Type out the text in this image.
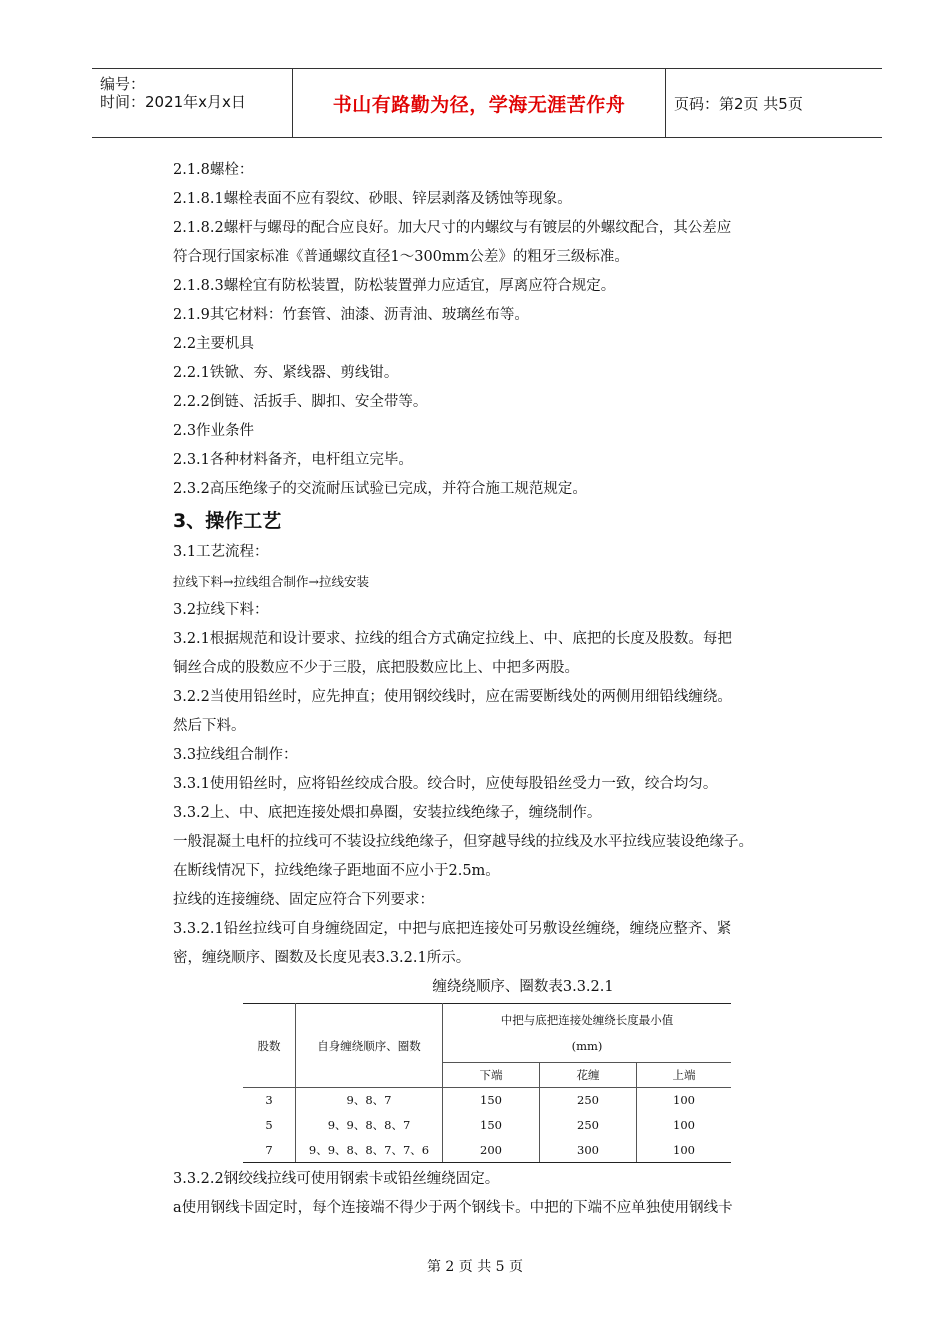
编号：
时间：2021年x月x日	书山有路勤为径，学海无涯苦作舟	页码：第2页 共5页
2.1.8螺栓：
2.1.8.1螺栓表面不应有裂纹、砂眼、锌层剥落及锈蚀等现象。
2.1.8.2螺杆与螺母的配合应良好。加大尺寸的内螺纹与有镀层的外螺纹配合，其公差应
符合现行国家标准《普通螺纹直径1～300mm公差》的粗牙三级标准。
2.1.8.3螺栓宜有防松装置，防松装置弹力应适宜，厚离应符合规定。
2.1.9其它材料：竹套管、油漆、沥青油、玻璃丝布等。
2.2主要机具
2.2.1铁锨、夯、紧线器、剪线钳。
2.2.2倒链、活扳手、脚扣、安全带等。
2.3作业条件
2.3.1各种材料备齐，电杆组立完毕。
2.3.2高压绝缘子的交流耐压试验已完成，并符合施工规范规定。
3、操作工艺
3.1工艺流程：
拉线下料→拉线组合制作→拉线安装
3.2拉线下料：
3.2.1根据规范和设计要求、拉线的组合方式确定拉线上、中、底把的长度及股数。每把
铜丝合成的股数应不少于三股，底把股数应比上、中把多两股。
3.2.2当使用铅丝时，应先抻直；使用钢绞线时，应在需要断线处的两侧用细铅线缠绕。
然后下料。
3.3拉线组合制作：
3.3.1使用铅丝时，应将铅丝绞成合股。绞合时，应使每股铅丝受力一致，绞合均匀。
3.3.2上、中、底把连接处煨扣鼻圈，安装拉线绝缘子，缠绕制作。
一般混凝土电杆的拉线可不装设拉线绝缘子，但穿越导线的拉线及水平拉线应装设绝缘子。
在断线情况下，拉线绝缘子距地面不应小于2.5m。
拉线的连接缠绕、固定应符合下列要求：
3.3.2.1铅丝拉线可自身缠绕固定，中把与底把连接处可另敷设丝缠绕，缠绕应整齐、紧
密，缠绕顺序、圈数及长度见表3.3.2.1所示。
缠绕绕顺序、圈数表3.3.2.1
股数	自身缠绕顺序、圈数	中把与底把连接处缠绕长度最小值
(mm)		

		下端	花缠	上端
3	9、8、7	150	250	100
5	9、9、8、8、7	150	250	100
7	9、9、8、8、7、7、6	200	300	100
3.3.2.2钢绞线拉线可使用钢索卡或铅丝缠绕固定。
a使用钢线卡固定时，每个连接端不得少于两个钢线卡。中把的下端不应单独使用钢线卡
第 2 页 共 5 页
